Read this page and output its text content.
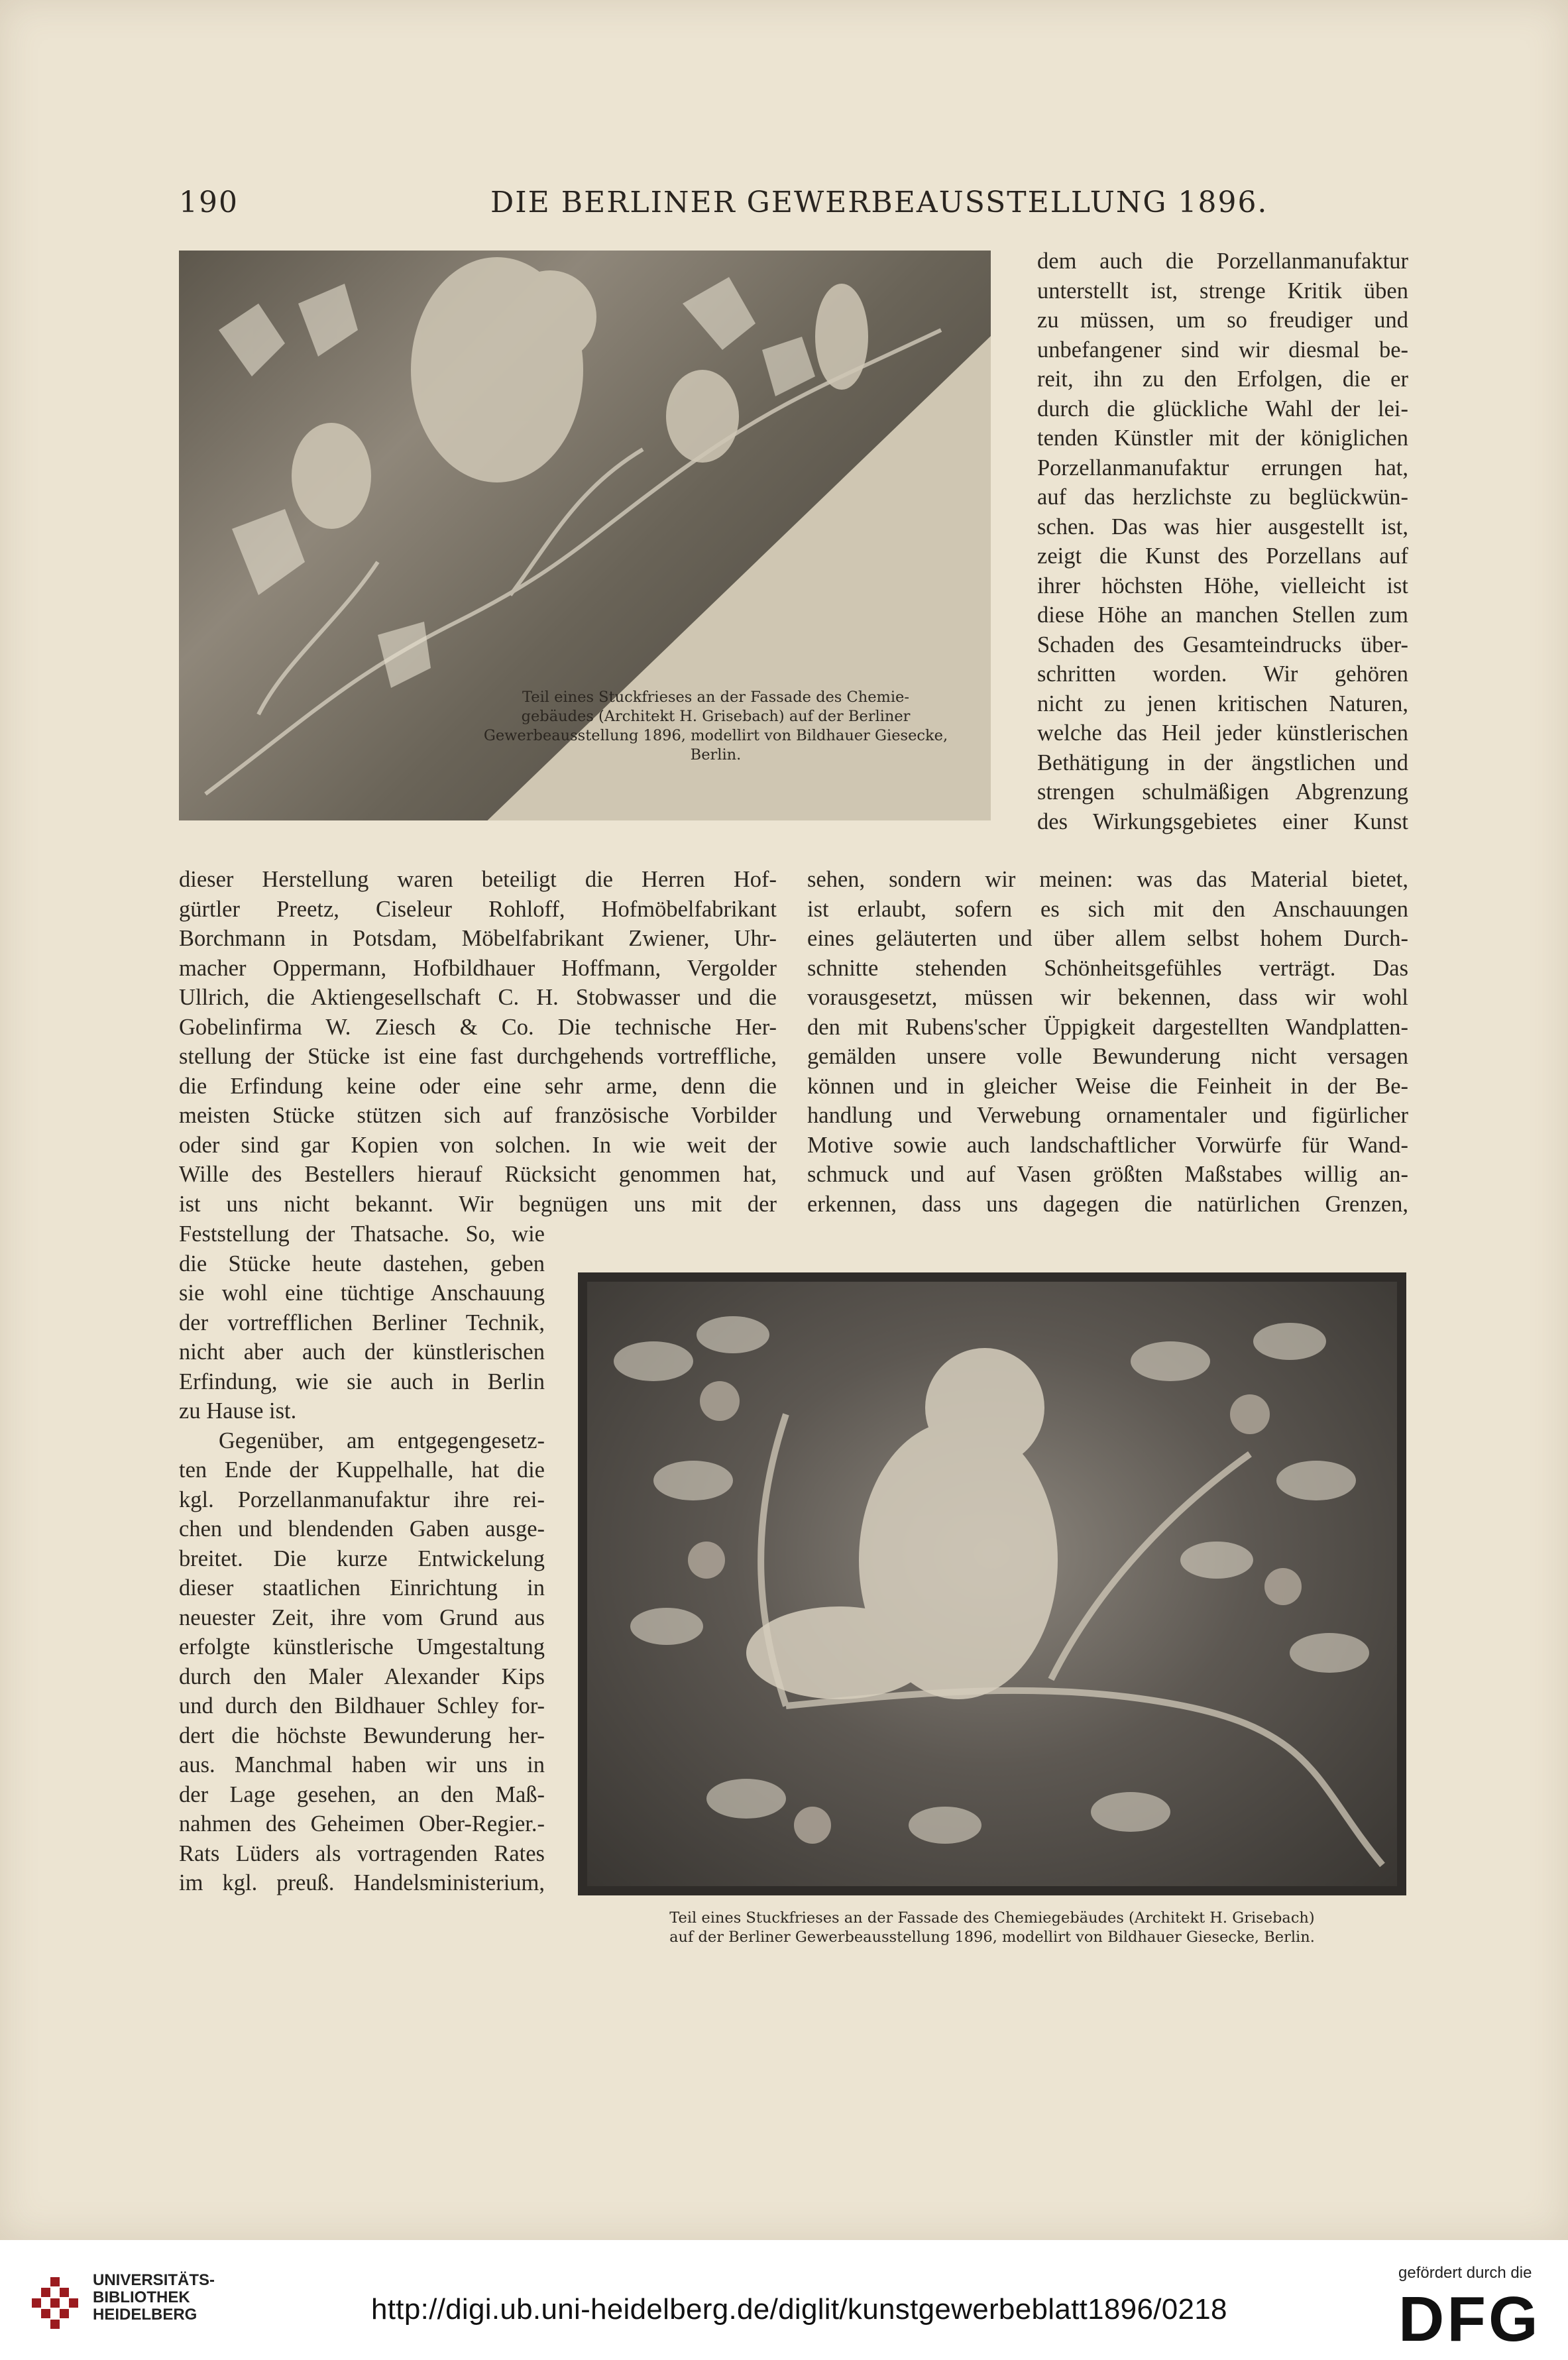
190	DIE BERLINER GEWERBEAUSSTELLUNG 1896.
Teil eines Stuckfrieses an der Fassade des Chemie-
gebäudes (Architekt H. Grisebach) auf der Berliner
Gewerbeausstellung 1896, modellirt von Bildhauer Giesecke,
Berlin.
dem auch die Porzellanmanufaktur
unterstellt ist, strenge Kritik üben
zu müssen, um so freudiger und
unbefangener sind wir diesmal be-
reit, ihn zu den Erfolgen, die er
durch die glückliche Wahl der lei-
tenden Künstler mit der königlichen
Porzellanmanufaktur errungen hat,
auf das herzlichste zu beglückwün-
schen. Das was hier ausgestellt ist,
zeigt die Kunst des Porzellans auf
ihrer höchsten Höhe, vielleicht ist
diese Höhe an manchen Stellen zum
Schaden des Gesamteindrucks über-
schritten worden. Wir gehören
nicht zu jenen kritischen Naturen,
welche das Heil jeder künstlerischen
Bethätigung in der ängstlichen und
strengen schulmäßigen Abgrenzung
des Wirkungsgebietes einer Kunst
dieser Herstellung waren beteiligt die Herren Hof-
gürtler Preetz, Ciseleur Rohloff, Hofmöbelfabrikant
Borchmann in Potsdam, Möbelfabrikant Zwiener, Uhr-
macher Oppermann, Hofbildhauer Hoffmann, Vergolder
Ullrich, die Aktiengesellschaft C. H. Stobwasser und die
Gobelinfirma W. Ziesch & Co. Die technische Her-
stellung der Stücke ist eine fast durchgehends vortreffliche,
die Erfindung keine oder eine sehr arme, denn die
meisten Stücke stützen sich auf französische Vorbilder
oder sind gar Kopien von solchen. In wie weit der
Wille des Bestellers hierauf Rücksicht genommen hat,
ist uns nicht bekannt. Wir begnügen uns mit der
sehen, sondern wir meinen: was das Material bietet,
ist erlaubt, sofern es sich mit den Anschauungen
eines geläuterten und über allem selbst hohem Durch-
schnitte stehenden Schönheitsgefühles verträgt. Das
vorausgesetzt, müssen wir bekennen, dass wir wohl
den mit Rubens'scher Üppigkeit dargestellten Wandplatten-
gemälden unsere volle Bewunderung nicht versagen
können und in gleicher Weise die Feinheit in der Be-
handlung und Verwebung ornamentaler und figürlicher
Motive sowie auch landschaftlicher Vorwürfe für Wand-
schmuck und auf Vasen größten Maßstabes willig an-
erkennen, dass uns dagegen die natürlichen Grenzen,
Feststellung der Thatsache. So, wie
die Stücke heute dastehen, geben
sie wohl eine tüchtige Anschauung
der vortrefflichen Berliner Technik,
nicht aber auch der künstlerischen
Erfindung, wie sie auch in Berlin
zu Hause ist.
Gegenüber, am entgegengesetz-
ten Ende der Kuppelhalle, hat die
kgl. Porzellanmanufaktur ihre rei-
chen und blendenden Gaben ausge-
breitet. Die kurze Entwickelung
dieser staatlichen Einrichtung in
neuester Zeit, ihre vom Grund aus
erfolgte künstlerische Umgestaltung
durch den Maler Alexander Kips
und durch den Bildhauer Schley for-
dert die höchste Bewunderung her-
aus. Manchmal haben wir uns in
der Lage gesehen, an den Maß-
nahmen des Geheimen Ober-Regier.-
Rats Lüders als vortragenden Rates
im kgl. preuß. Handelsministerium,
Teil eines Stuckfrieses an der Fassade des Chemiegebäudes (Architekt H. Grisebach)
auf der Berliner Gewerbeausstellung 1896, modellirt von Bildhauer Giesecke, Berlin.
UNIVERSITÄTS-
BIBLIOTHEK
HEIDELBERG	http://digi.ub.uni-heidelberg.de/diglit/kunstgewerbeblatt1896/0218
gefördert durch die
DFG
